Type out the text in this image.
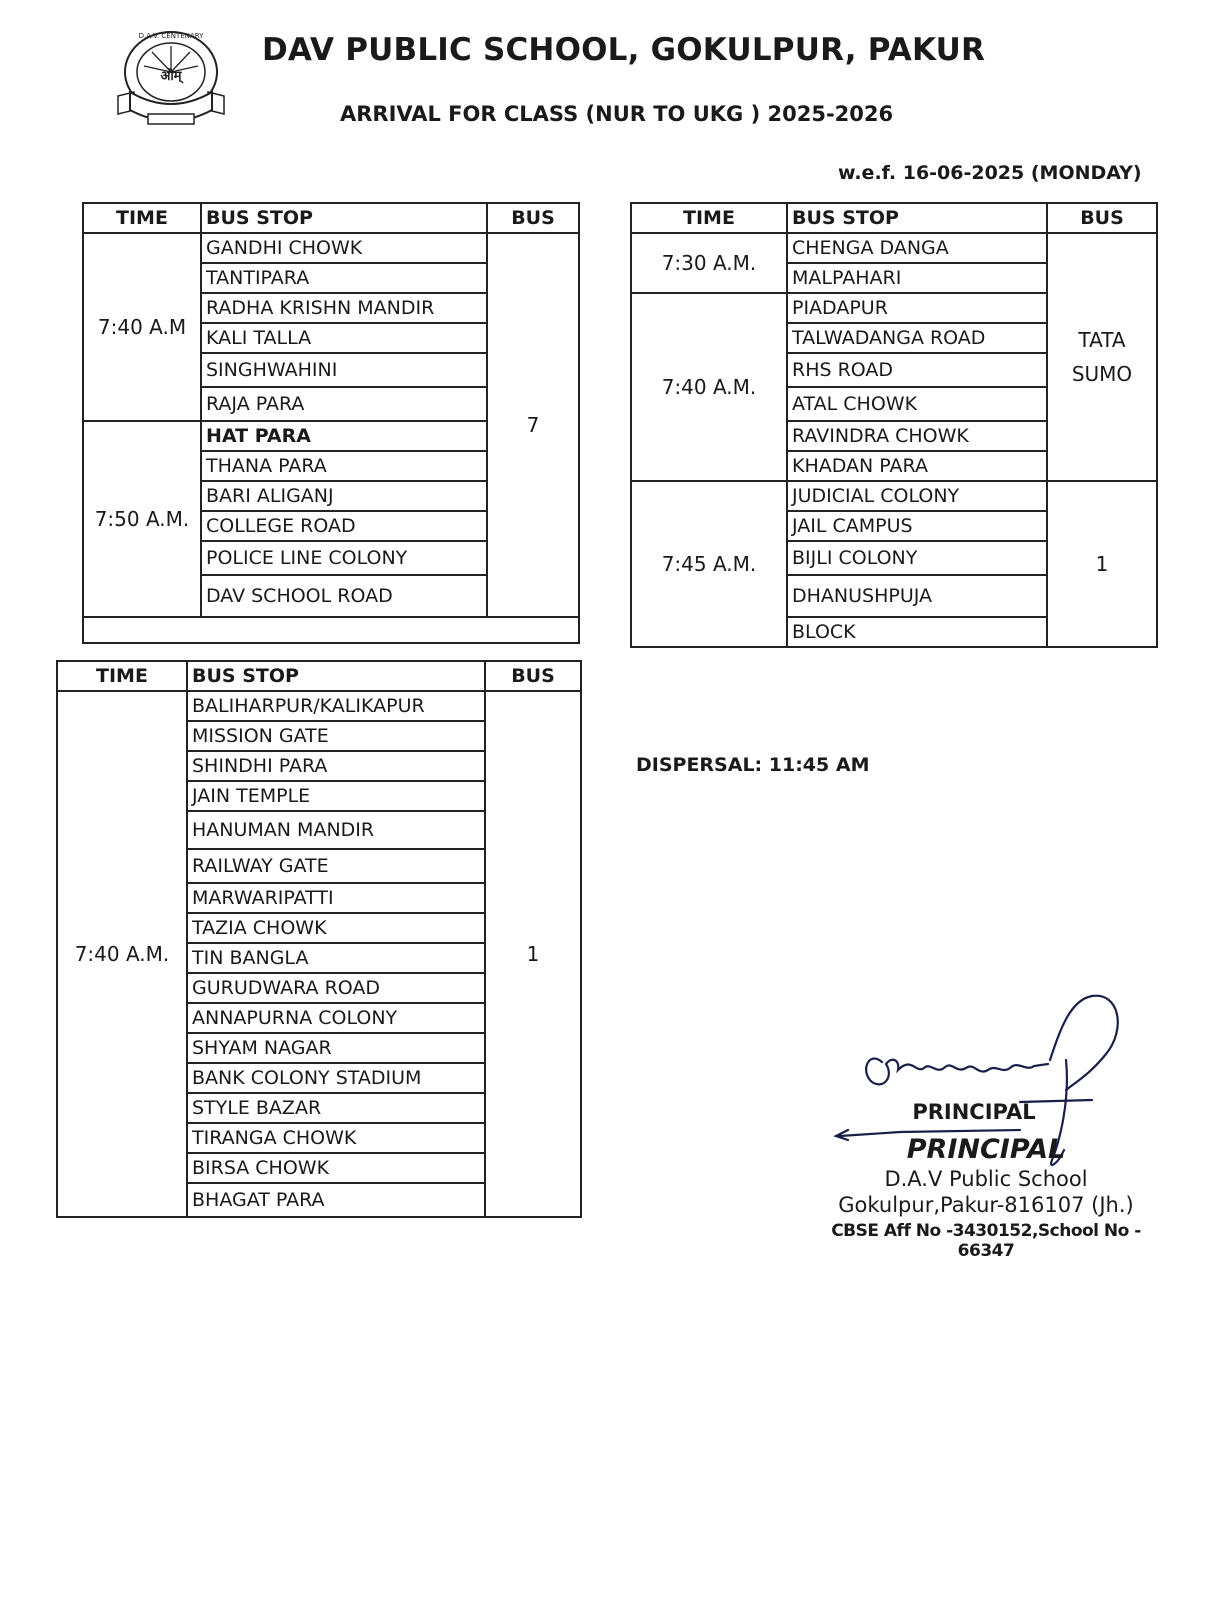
ओम्
D.A.V. CENTENARY DAV PUBLIC SCHOOL, GOKULPUR, PAKUR
ARRIVAL FOR CLASS (NUR TO UKG ) 2025-2026
w.e.f. 16-06-2025 (MONDAY)
TIME	BUS STOP	BUS
7:40 A.M	GANDHI CHOWK	7
	TANTIPARA	
	RADHA KRISHN MANDIR	
	KALI TALLA	
	SINGHWAHINI	
	RAJA PARA	
7:50 A.M.	HAT PARA	
	THANA PARA	
	BARI ALIGANJ	
	COLLEGE ROAD	
	POLICE LINE COLONY	
	DAV SCHOOL ROAD	

TIME	BUS STOP	BUS
7:40 A.M.	BALIHARPUR/KALIKAPUR	1
	MISSION GATE	
	SHINDHI PARA	
	JAIN TEMPLE	
	HANUMAN MANDIR	
	RAILWAY GATE	
	MARWARIPATTI	
	TAZIA CHOWK	
	TIN BANGLA	
	GURUDWARA ROAD	
	ANNAPURNA COLONY	
	SHYAM NAGAR	
	BANK COLONY STADIUM	
	STYLE BAZAR	
	TIRANGA CHOWK	
	BIRSA CHOWK	
	BHAGAT PARA	
TIME	BUS STOP	BUS
7:30 A.M.	CHENGA DANGA	TATA SUMO
	MALPAHARI	
7:40 A.M.	PIADAPUR	
	TALWADANGA ROAD	
	RHS ROAD	
	ATAL CHOWK	
	RAVINDRA CHOWK	
	KHADAN PARA	
7:45 A.M.	JUDICIAL COLONY	1
	JAIL CAMPUS	
	BIJLI COLONY	
	DHANUSHPUJA	
	BLOCK	
DISPERSAL: 11:45 AM
PRINCIPAL
PRINCIPAL
D.A.V Public School
Gokulpur,Pakur-816107 (Jh.)
CBSE Aff No -3430152,School No - 66347
